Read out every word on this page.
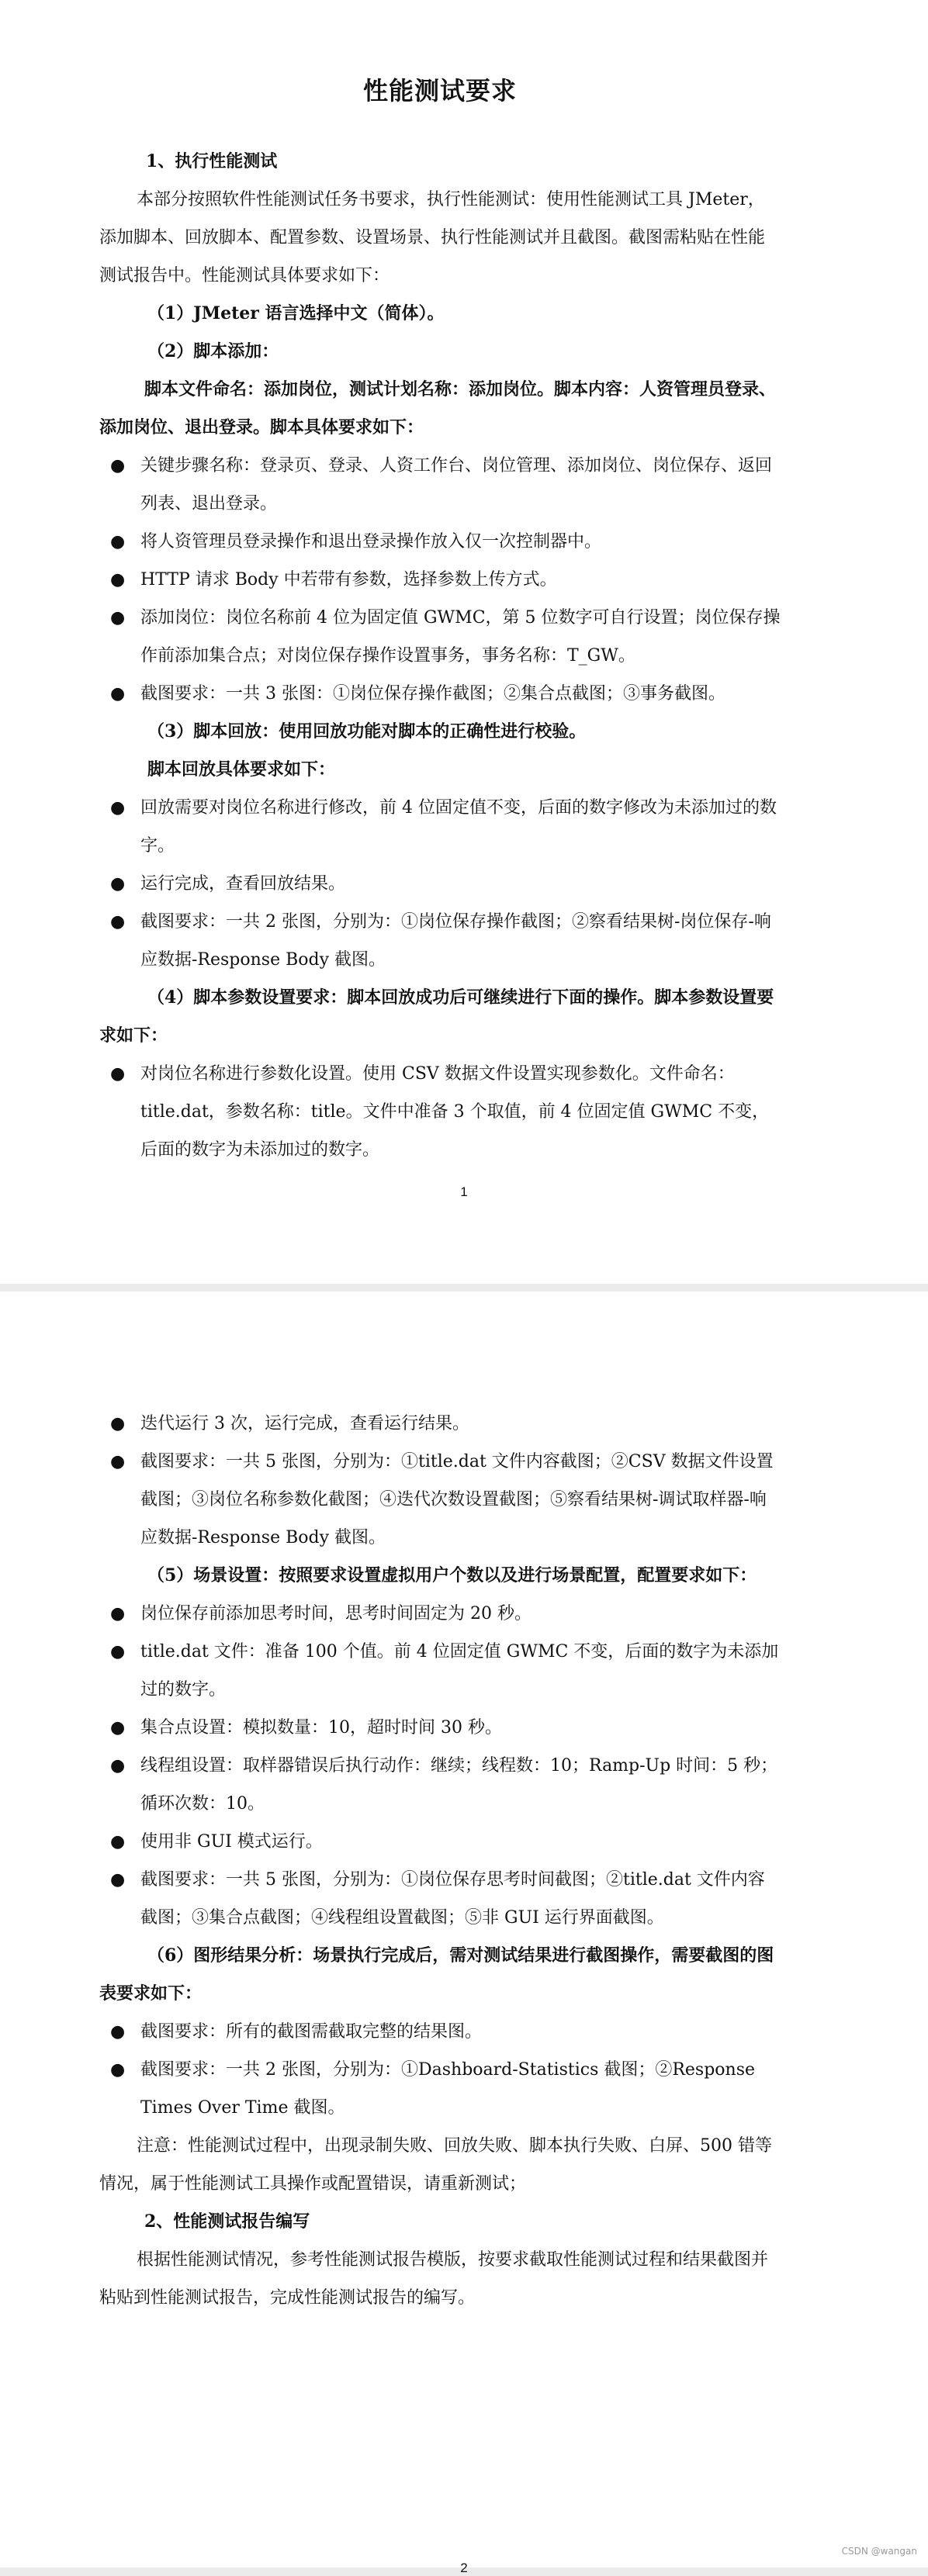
性能测试要求

1、执行性能测试

本部分按照软件性能测试任务书要求，执行性能测试：使用性能测试工具 JMeter，添加脚本、回放脚本、配置参数、设置场景、执行性能测试并且截图。截图需粘贴在性能测试报告中。性能测试具体要求如下：

（1）JMeter 语言选择中文（简体）。

（2）脚本添加：

脚本文件命名：添加岗位，测试计划名称：添加岗位。脚本内容：人资管理员登录、添加岗位、退出登录。脚本具体要求如下：

● 关键步骤名称：登录页、登录、人资工作台、岗位管理、添加岗位、岗位保存、返回列表、退出登录。
● 将人资管理员登录操作和退出登录操作放入仅一次控制器中。
● HTTP 请求 Body 中若带有参数，选择参数上传方式。
● 添加岗位：岗位名称前 4 位为固定值 GWMC，第 5 位数字可自行设置；岗位保存操作前添加集合点；对岗位保存操作设置事务，事务名称：T_GW。
● 截图要求：一共 3 张图：①岗位保存操作截图；②集合点截图；③事务截图。

（3）脚本回放：使用回放功能对脚本的正确性进行校验。

脚本回放具体要求如下：

● 回放需要对岗位名称进行修改，前 4 位固定值不变，后面的数字修改为未添加过的数字。
● 运行完成，查看回放结果。
● 截图要求：一共 2 张图，分别为：①岗位保存操作截图；②察看结果树-岗位保存-响应数据-Response Body 截图。

（4）脚本参数设置要求：脚本回放成功后可继续进行下面的操作。脚本参数设置要求如下：

● 对岗位名称进行参数化设置。使用 CSV 数据文件设置实现参数化。文件命名：title.dat，参数名称：title。文件中准备 3 个取值，前 4 位固定值 GWMC 不变，后面的数字为未添加过的数字。
1
● 迭代运行 3 次，运行完成，查看运行结果。
● 截图要求：一共 5 张图，分别为：①title.dat 文件内容截图；②CSV 数据文件设置截图；③岗位名称参数化截图；④迭代次数设置截图；⑤察看结果树-调试取样器-响应数据-Response Body 截图。

（5）场景设置：按照要求设置虚拟用户个数以及进行场景配置，配置要求如下：

● 岗位保存前添加思考时间，思考时间固定为 20 秒。
● title.dat 文件：准备 100 个值。前 4 位固定值 GWMC 不变，后面的数字为未添加过的数字。
● 集合点设置：模拟数量：10，超时时间 30 秒。
● 线程组设置：取样器错误后执行动作：继续；线程数：10；Ramp-Up 时间：5 秒；循环次数：10。
● 使用非 GUI 模式运行。
● 截图要求：一共 5 张图，分别为：①岗位保存思考时间截图；②title.dat 文件内容截图；③集合点截图；④线程组设置截图；⑤非 GUI 运行界面截图。

（6）图形结果分析：场景执行完成后，需对测试结果进行截图操作，需要截图的图表要求如下：

● 截图要求：所有的截图需截取完整的结果图。
● 截图要求：一共 2 张图，分别为：①Dashboard-Statistics 截图；②Response Times Over Time 截图。

注意：性能测试过程中，出现录制失败、回放失败、脚本执行失败、白屏、500 错等情况，属于性能测试工具操作或配置错误，请重新测试；

2、性能测试报告编写

根据性能测试情况，参考性能测试报告模版，按要求截取性能测试过程和结果截图并粘贴到性能测试报告，完成性能测试报告的编写。

2
CSDN @wangan
